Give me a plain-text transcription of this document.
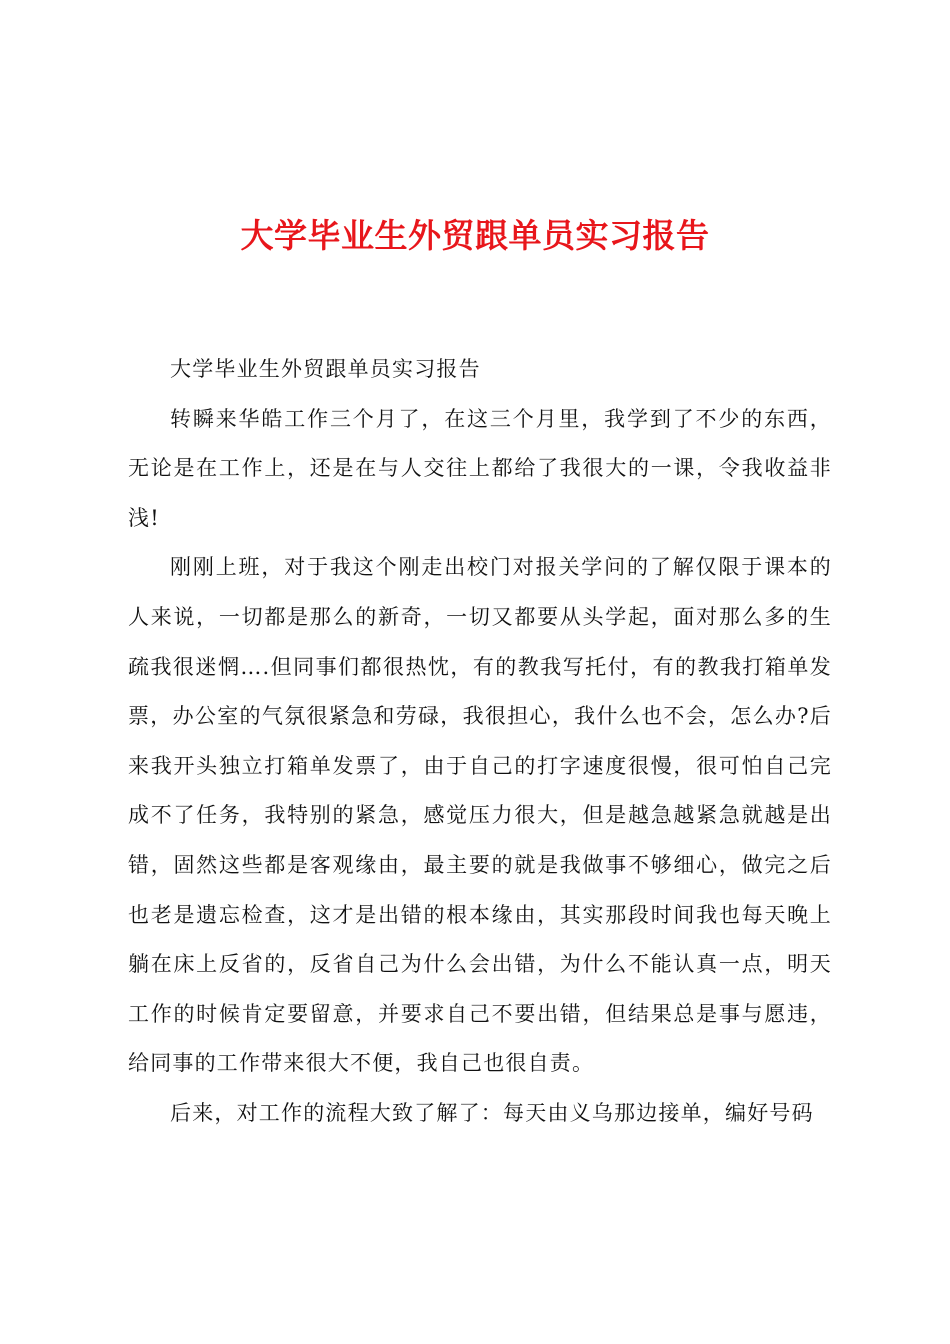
大学毕业生外贸跟单员实习报告

大学毕业生外贸跟单员实习报告

转瞬来华皓工作三个月了，在这三个月里，我学到了不少的东西，无论是在工作上，还是在与人交往上都给了我很大的一课，令我收益非浅!

刚刚上班，对于我这个刚走出校门对报关学问的了解仅限于课本的人来说，一切都是那么的新奇，一切又都要从头学起，面对那么多的生疏我很迷惘….但同事们都很热忱，有的教我写托付，有的教我打箱单发票，办公室的气氛很紧急和劳碌，我很担心，我什么也不会，怎么办?后来我开头独立打箱单发票了，由于自己的打字速度很慢，很可怕自己完成不了任务，我特别的紧急，感觉压力很大，但是越急越紧急就越是出错，固然这些都是客观缘由，最主要的就是我做事不够细心，做完之后也老是遗忘检查，这才是出错的根本缘由，其实那段时间我也每天晚上躺在床上反省的，反省自己为什么会出错，为什么不能认真一点，明天工作的时候肯定要留意，并要求自己不要出错，但结果总是事与愿违，给同事的工作带来很大不便，我自己也很自责。

后来，对工作的流程大致了解了：每天由义乌那边接单，编好号码
